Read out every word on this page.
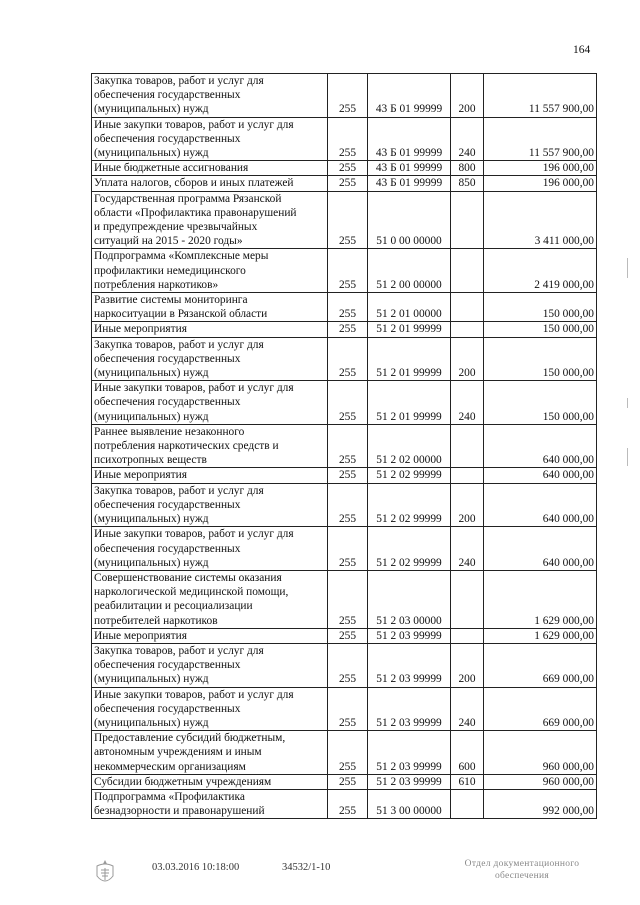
164
Закупка товаров, работ и услуг для
обеспечения государственных
(муниципальных) нужд	255	43 Б 01 99999	200	11 557 900,00

Иные закупки товаров, работ и услуг для
обеспечения государственных
(муниципальных) нужд	255	43 Б 01 99999	240	11 557 900,00

Иные бюджетные ассигнования	255	43 Б 01 99999	800	196 000,00

Уплата налогов, сборов и иных платежей	255	43 Б 01 99999	850	196 000,00

Государственная программа Рязанской
области «Профилактика правонарушений
и предупреждение чрезвычайных
ситуаций на 2015 - 2020 годы»	255	51 0 00 00000		3 411 000,00

Подпрограмма «Комплексные меры
профилактики немедицинского
потребления наркотиков»	255	51 2 00 00000		2 419 000,00

Развитие системы мониторинга
наркоситуации в Рязанской области	255	51 2 01 00000		150 000,00

Иные мероприятия	255	51 2 01 99999		150 000,00

Закупка товаров, работ и услуг для
обеспечения государственных
(муниципальных) нужд	255	51 2 01 99999	200	150 000,00

Иные закупки товаров, работ и услуг для
обеспечения государственных
(муниципальных) нужд	255	51 2 01 99999	240	150 000,00

Раннее выявление незаконного
потребления наркотических средств и
психотропных веществ	255	51 2 02 00000		640 000,00

Иные мероприятия	255	51 2 02 99999		640 000,00

Закупка товаров, работ и услуг для
обеспечения государственных
(муниципальных) нужд	255	51 2 02 99999	200	640 000,00

Иные закупки товаров, работ и услуг для
обеспечения государственных
(муниципальных) нужд	255	51 2 02 99999	240	640 000,00

Совершенствование системы оказания
наркологической медицинской помощи,
реабилитации и ресоциализации
потребителей наркотиков	255	51 2 03 00000		1 629 000,00

Иные мероприятия	255	51 2 03 99999		1 629 000,00

Закупка товаров, работ и услуг для
обеспечения государственных
(муниципальных) нужд	255	51 2 03 99999	200	669 000,00

Иные закупки товаров, работ и услуг для
обеспечения государственных
(муниципальных) нужд	255	51 2 03 99999	240	669 000,00

Предоставление субсидий бюджетным,
автономным учреждениям и иным
некоммерческим организациям	255	51 2 03 99999	600	960 000,00

Субсидии бюджетным учреждениям	255	51 2 03 99999	610	960 000,00

Подпрограмма «Профилактика
безнадзорности и правонарушений	255	51 3 00 00000		992 000,00
03.03.2016 10:18:00	34532/1-10	Отдел документационного
обеспечения
